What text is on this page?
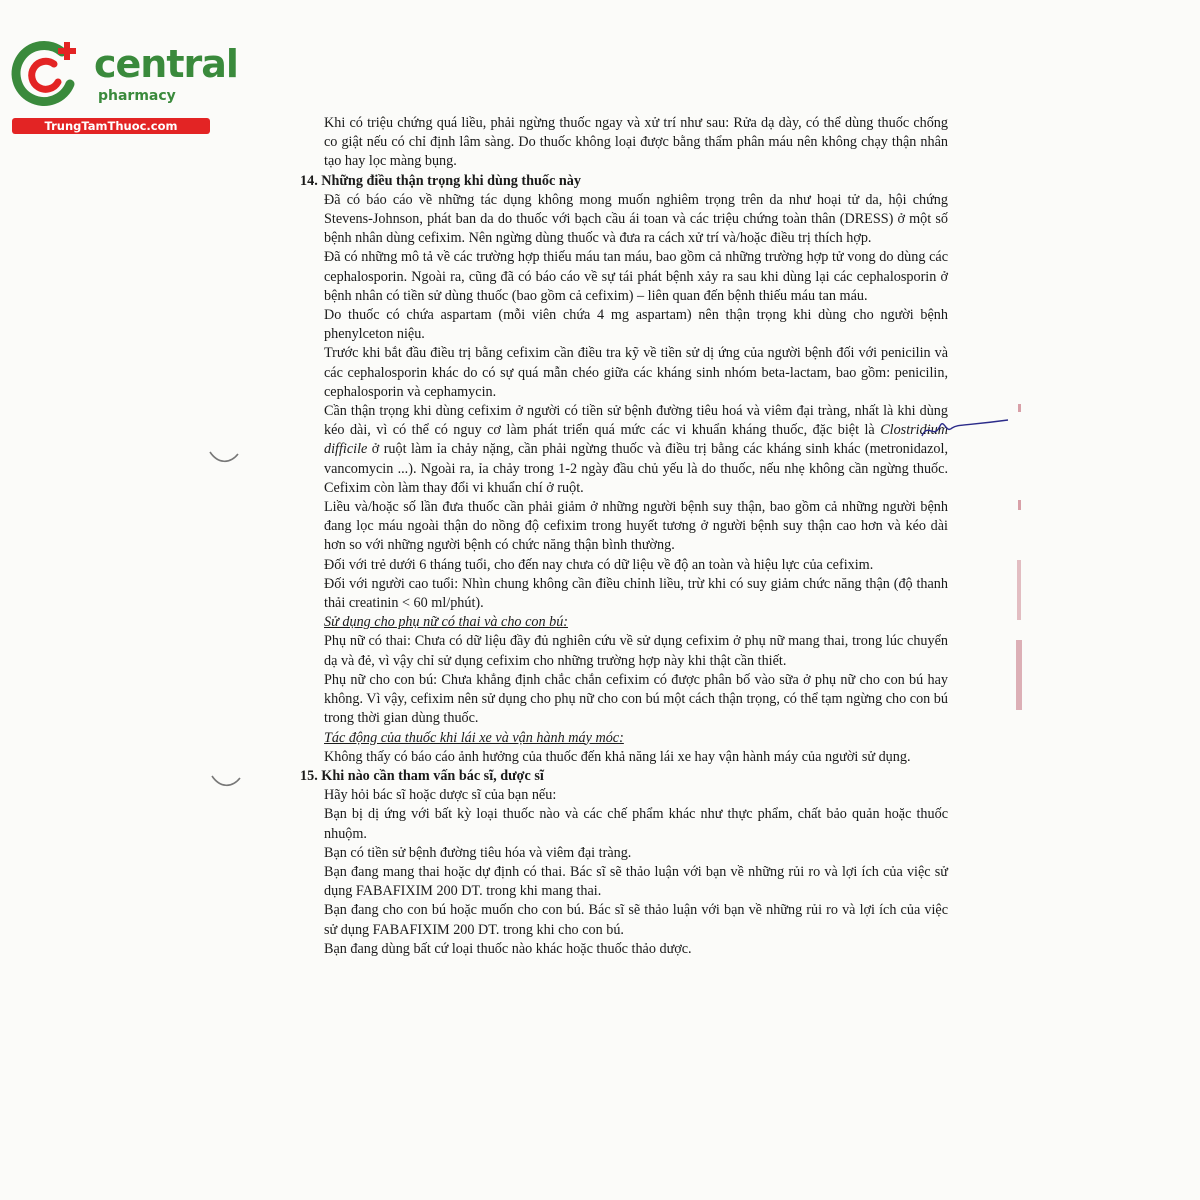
central
pharmacy
TrungTamThuoc.com	Khi có triệu chứng quá liều, phải ngừng thuốc ngay và xử trí như sau: Rửa dạ dày, có thể dùng thuốc chống co giật nếu có chỉ định lâm sàng. Do thuốc không loại được bằng thẩm phân máu nên không chạy thận nhân tạo hay lọc màng bụng.

14. Những điều thận trọng khi dùng thuốc này

Đã có báo cáo về những tác dụng không mong muốn nghiêm trọng trên da như hoại tử da, hội chứng Stevens-Johnson, phát ban da do thuốc với bạch cầu ái toan và các triệu chứng toàn thân (DRESS) ở một số bệnh nhân dùng cefixim. Nên ngừng dùng thuốc và đưa ra cách xử trí và/hoặc điều trị thích hợp.

Đã có những mô tả về các trường hợp thiếu máu tan máu, bao gồm cả những trường hợp tử vong do dùng các cephalosporin. Ngoài ra, cũng đã có báo cáo về sự tái phát bệnh xảy ra sau khi dùng lại các cephalosporin ở bệnh nhân có tiền sử dùng thuốc (bao gồm cả cefixim) – liên quan đến bệnh thiếu máu tan máu.

Do thuốc có chứa aspartam (mỗi viên chứa 4 mg aspartam) nên thận trọng khi dùng cho người bệnh phenylceton niệu.

Trước khi bắt đầu điều trị bằng cefixim cần điều tra kỹ về tiền sử dị ứng của người bệnh đối với penicilin và các cephalosporin khác do có sự quá mẫn chéo giữa các kháng sinh nhóm beta-lactam, bao gồm: penicilin, cephalosporin và cephamycin.

Cần thận trọng khi dùng cefixim ở người có tiền sử bệnh đường tiêu hoá và viêm đại tràng, nhất là khi dùng kéo dài, vì có thể có nguy cơ làm phát triển quá mức các vi khuẩn kháng thuốc, đặc biệt là Clostridium difficile ở ruột làm ỉa chảy nặng, cần phải ngừng thuốc và điều trị bằng các kháng sinh khác (metronidazol, vancomycin ...). Ngoài ra, ỉa chảy trong 1-2 ngày đầu chủ yếu là do thuốc, nếu nhẹ không cần ngừng thuốc. Cefixim còn làm thay đổi vi khuẩn chí ở ruột.

Liều và/hoặc số lần đưa thuốc cần phải giảm ở những người bệnh suy thận, bao gồm cả những người bệnh đang lọc máu ngoài thận do nồng độ cefixim trong huyết tương ở người bệnh suy thận cao hơn và kéo dài hơn so với những người bệnh có chức năng thận bình thường.

Đối với trẻ dưới 6 tháng tuổi, cho đến nay chưa có dữ liệu về độ an toàn và hiệu lực của cefixim.

Đối với người cao tuổi: Nhìn chung không cần điều chỉnh liều, trừ khi có suy giảm chức năng thận (độ thanh thải creatinin < 60 ml/phút).

Sử dụng cho phụ nữ có thai và cho con bú:

Phụ nữ có thai: Chưa có dữ liệu đầy đủ nghiên cứu về sử dụng cefixim ở phụ nữ mang thai, trong lúc chuyển dạ và đẻ, vì vậy chỉ sử dụng cefixim cho những trường hợp này khi thật cần thiết.

Phụ nữ cho con bú: Chưa khẳng định chắc chắn cefixim có được phân bố vào sữa ở phụ nữ cho con bú hay không. Vì vậy, cefixim nên sử dụng cho phụ nữ cho con bú một cách thận trọng, có thể tạm ngừng cho con bú trong thời gian dùng thuốc.

Tác động của thuốc khi lái xe và vận hành máy móc:

Không thấy có báo cáo ảnh hưởng của thuốc đến khả năng lái xe hay vận hành máy của người sử dụng.

15. Khi nào cần tham vấn bác sĩ, dược sĩ

Hãy hỏi bác sĩ hoặc dược sĩ của bạn nếu:

Bạn bị dị ứng với bất kỳ loại thuốc nào và các chế phẩm khác như thực phẩm, chất bảo quản hoặc thuốc nhuộm.

Bạn có tiền sử bệnh đường tiêu hóa và viêm đại tràng.

Bạn đang mang thai hoặc dự định có thai. Bác sĩ sẽ thảo luận với bạn về những rủi ro và lợi ích của việc sử dụng FABAFIXIM 200 DT. trong khi mang thai.

Bạn đang cho con bú hoặc muốn cho con bú. Bác sĩ sẽ thảo luận với bạn về những rủi ro và lợi ích của việc sử dụng FABAFIXIM 200 DT. trong khi cho con bú.

Bạn đang dùng bất cứ loại thuốc nào khác hoặc thuốc thảo dược.
